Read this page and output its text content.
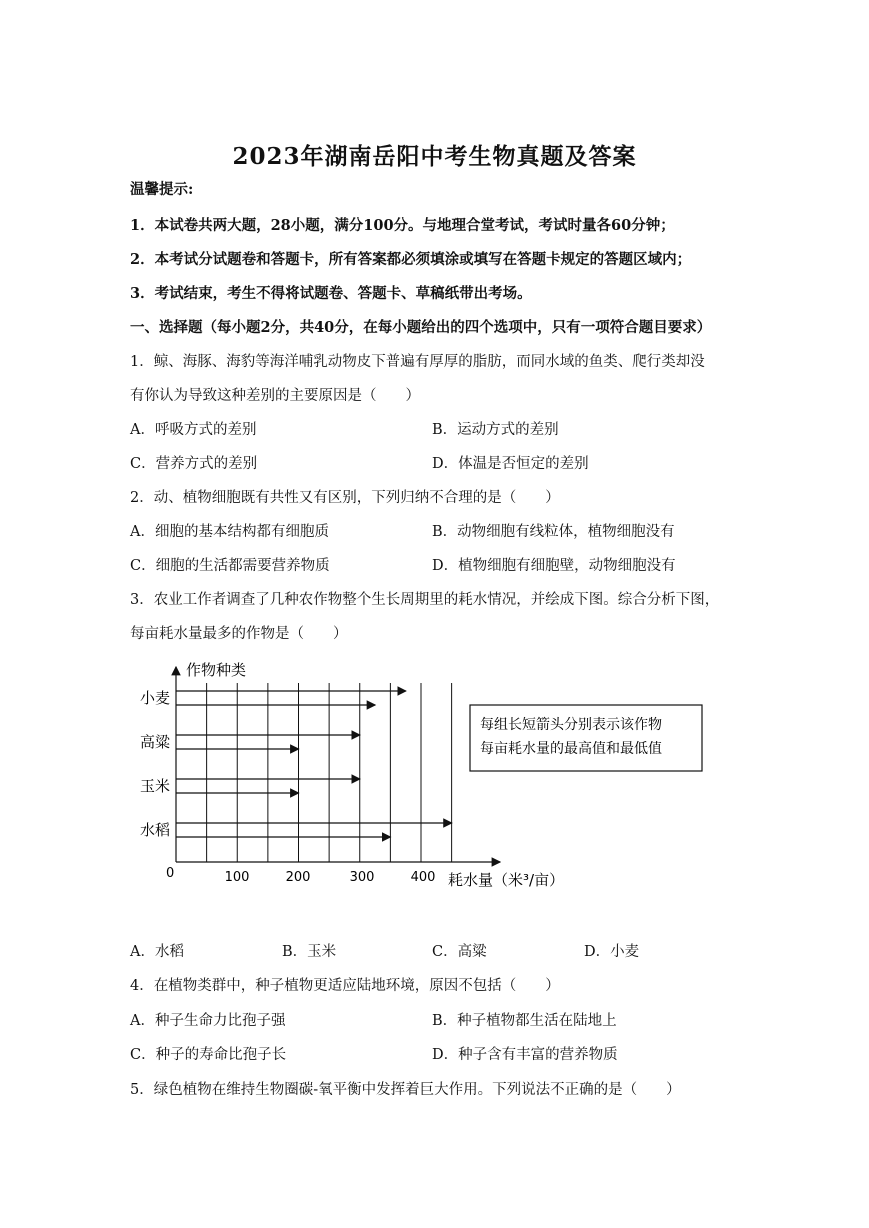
2023年湖南岳阳中考生物真题及答案
温馨提示:
1．本试卷共两大题，28小题，满分100分。与地理合堂考试，考试时量各60分钟；
2．本考试分试题卷和答题卡，所有答案都必须填涂或填写在答题卡规定的答题区域内；
3．考试结束，考生不得将试题卷、答题卡、草稿纸带出考场。
一、选择题（每小题2分，共40分，在每小题给出的四个选项中，只有一项符合题目要求）
1．鲸、海豚、海豹等海洋哺乳动物皮下普遍有厚厚的脂肪，而同水域的鱼类、爬行类却没
有你认为导致这种差别的主要原因是（　　）
A．呼吸方式的差别	B．运动方式的差别
C．营养方式的差别	D．体温是否恒定的差别
2．动、植物细胞既有共性又有区别，下列归纳不合理的是（　　）
A．细胞的基本结构都有细胞质	B．动物细胞有线粒体，植物细胞没有
C．细胞的生活都需要营养物质	D．植物细胞有细胞壁，动物细胞没有
3．农业工作者调查了几种农作物整个生长周期里的耗水情况，并绘成下图。综合分析下图，
每亩耗水量最多的作物是（　　）
作物种类
耗水量（米³/亩）
0	100	200	300	400
小麦
高粱
玉米
水稻
每组长短箭头分别表示该作物
每亩耗水量的最高值和最低值
A．水稻	B．玉米	C．高粱	D．小麦
4．在植物类群中，种子植物更适应陆地环境，原因不包括（　　）
A．种子生命力比孢子强	B．种子植物都生活在陆地上
C．种子的寿命比孢子长	D．种子含有丰富的营养物质
5．绿色植物在维持生物圈碳-氧平衡中发挥着巨大作用。下列说法不正确的是（　　）
